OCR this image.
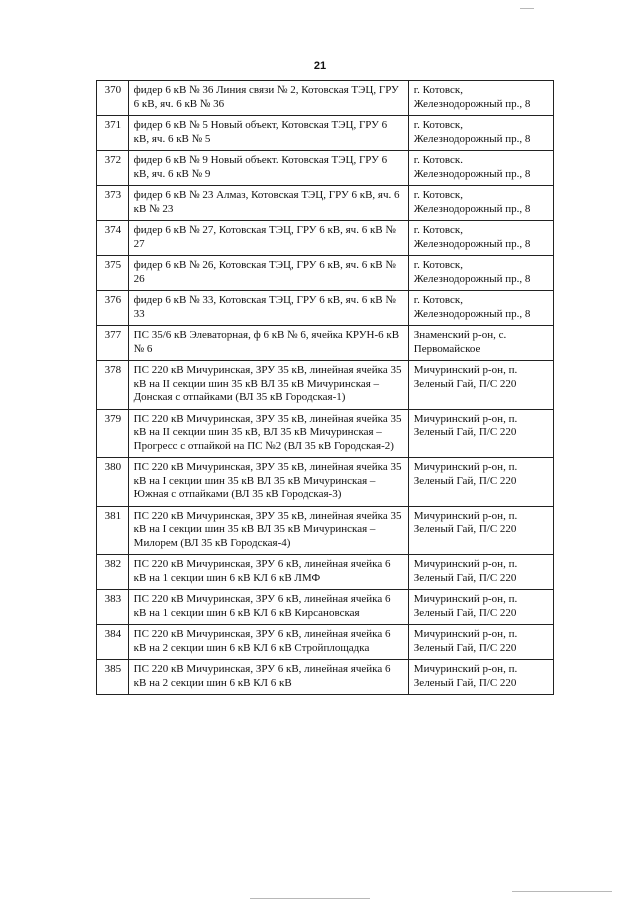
21
370	фидер 6 кВ № 36 Линия связи № 2, Котовская ТЭЦ, ГРУ 6 кВ, яч. 6 кВ № 36	г. Котовск, Железнодорожный пр., 8
371	фидер 6 кВ № 5 Новый объект, Котовская ТЭЦ, ГРУ 6 кВ, яч. 6 кВ № 5	г. Котовск, Железнодорожный пр., 8
372	фидер 6 кВ № 9 Новый объект. Котовская ТЭЦ, ГРУ 6 кВ, яч. 6 кВ № 9	г. Котовск. Железнодорожный пр., 8
373	фидер 6 кВ № 23 Алмаз, Котовская ТЭЦ, ГРУ 6 кВ, яч. 6 кВ № 23	г. Котовск, Железнодорожный пр., 8
374	фидер 6 кВ № 27, Котовская ТЭЦ, ГРУ 6 кВ, яч. 6 кВ № 27	г. Котовск, Железнодорожный пр., 8
375	фидер 6 кВ № 26, Котовская ТЭЦ, ГРУ 6 кВ, яч. 6 кВ № 26	г. Котовск, Железнодорожный пр., 8
376	фидер 6 кВ № 33, Котовская ТЭЦ, ГРУ 6 кВ, яч. 6 кВ № 33	г. Котовск, Железнодорожный пр., 8
377	ПС 35/6 кВ Элеваторная, ф 6 кВ № 6, ячейка КРУН-6 кВ № 6	Знаменский р-он, с. Первомайское
378	ПС 220 кВ Мичуринская, ЗРУ 35 кВ, линейная ячейка 35 кВ на II секции шин 35 кВ ВЛ 35 кВ Мичуринская – Донская с отпайками (ВЛ 35 кВ Городская-1)	Мичуринский р-он, п. Зеленый Гай, П/С 220
379	ПС 220 кВ Мичуринская, ЗРУ 35 кВ, линейная ячейка 35 кВ на II секции шин 35 кВ, ВЛ 35 кВ Мичуринская – Прогресс с отпайкой на ПС №2 (ВЛ 35 кВ Городская-2)	Мичуринский р-он, п. Зеленый Гай, П/С 220
380	ПС 220 кВ Мичуринская, ЗРУ 35 кВ, линейная ячейка 35 кВ на I секции шин 35 кВ ВЛ 35 кВ Мичуринская – Южная с отпайками (ВЛ 35 кВ Городская-3)	Мичуринский р-он, п. Зеленый Гай, П/С 220
381	ПС 220 кВ Мичуринская, ЗРУ 35 кВ, линейная ячейка 35 кВ на I секции шин 35 кВ ВЛ 35 кВ Мичуринская – Милорем (ВЛ 35 кВ Городская-4)	Мичуринский р-он, п. Зеленый Гай, П/С 220
382	ПС 220 кВ Мичуринская, ЗРУ 6 кВ, линейная ячейка 6 кВ на 1 секции шин 6 кВ КЛ 6 кВ ЛМФ	Мичуринский р-он, п. Зеленый Гай, П/С 220
383	ПС 220 кВ Мичуринская, ЗРУ 6 кВ, линейная ячейка 6 кВ на 1 секции шин 6 кВ КЛ 6 кВ Кирсановская	Мичуринский р-он, п. Зеленый Гай, П/С 220
384	ПС 220 кВ Мичуринская, ЗРУ 6 кВ, линейная ячейка 6 кВ на 2 секции шин 6 кВ КЛ 6 кВ Стройплощадка	Мичуринский р-он, п. Зеленый Гай, П/С 220
385	ПС 220 кВ Мичуринская, ЗРУ 6 кВ, линейная ячейка 6 кВ на 2 секции шин 6 кВ КЛ 6 кВ	Мичуринский р-он, п. Зеленый Гай, П/С 220
